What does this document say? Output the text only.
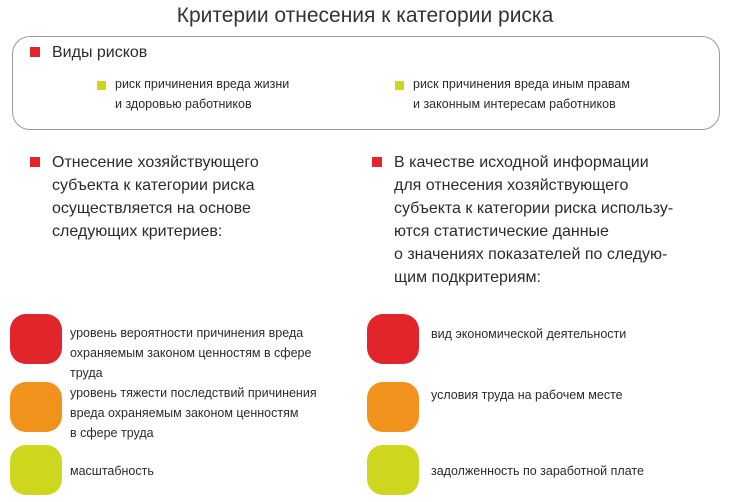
Критерии отнесения к категории риска
Виды рисков
риск причинения вреда жизни
и здоровью работников
риск причинения вреда иным правам
и законным интересам работников
Отнесение хозяйствующего
субъекта к категории риска
осуществляется на основе
следующих критериев:
В качестве исходной информации
для отнесения хозяйствующего
субъекта к категории риска использу-
ются статистические данные
о значениях показателей по следую-
щим подкритериям:
уровень вероятности причинения вреда
охраняемым законом ценностям в сфере
труда
уровень тяжести последствий причинения
вреда охраняемым законом ценностям
в сфере труда
масштабность
вид экономической деятельности
условия труда на рабочем месте
задолженность по заработной плате
